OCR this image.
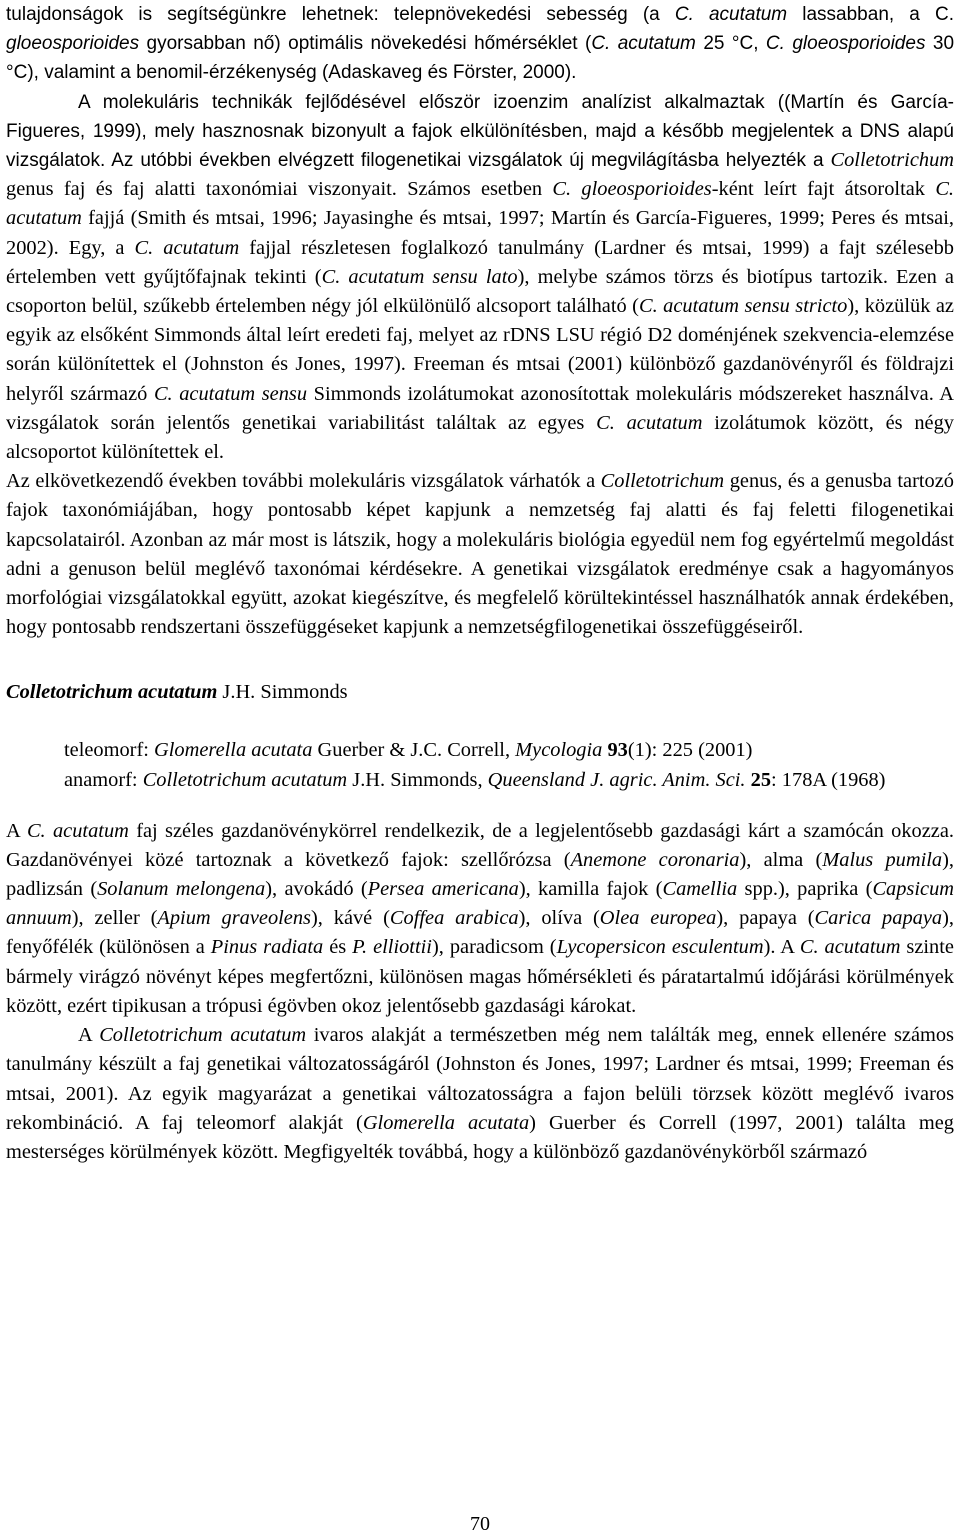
tulajdonságok is segítségünkre lehetnek: telepnövekedési sebesség (a C. acutatum lassabban, a C. gloeosporioides gyorsabban nő) optimális növekedési hőmérséklet (C. acutatum 25 °C, C. gloeosporioides 30 °C), valamint a benomil-érzékenység (Adaskaveg és Förster, 2000).

A molekuláris technikák fejlődésével először izoenzim analízist alkalmaztak ((Martín és García-Figueres, 1999), mely hasznosnak bizonyult a fajok elkülönítésben, majd a később megjelentek a DNS alapú vizsgálatok. Az utóbbi években elvégzett filogenetikai vizsgálatok új megvilágításba helyezték a Colletotrichum genus faj és faj alatti taxonómiai viszonyait. Számos esetben C. gloeosporioides-ként leírt fajt átsoroltak C. acutatum fajjá (Smith és mtsai, 1996; Jayasinghe és mtsai, 1997; Martín és García-Figueres, 1999; Peres és mtsai, 2002). Egy, a C. acutatum fajjal részletesen foglalkozó tanulmány (Lardner és mtsai, 1999) a fajt szélesebb értelemben vett gyűjtőfajnak tekinti (C. acutatum sensu lato), melybe számos törzs és biotípus tartozik. Ezen a csoporton belül, szűkebb értelemben négy jól elkülönülő alcsoport található (C. acutatum sensu stricto), közülük az egyik az elsőként Simmonds által leírt eredeti faj, melyet az rDNS LSU régió D2 doménjének szekvencia-elemzése során különítettek el (Johnston és Jones, 1997). Freeman és mtsai (2001) különböző gazdanövényről és földrajzi helyről származó C. acutatum sensu Simmonds izolátumokat azonosítottak molekuláris módszereket használva. A vizsgálatok során jelentős genetikai variabilitást találtak az egyes C. acutatum izolátumok között, és négy alcsoportot különítettek el.

Az elkövetkezendő években további molekuláris vizsgálatok várhatók a Colletotrichum genus, és a genusba tartozó fajok taxonómiájában, hogy pontosabb képet kapjunk a nemzetség faj alatti és faj feletti filogenetikai kapcsolatairól. Azonban az már most is látszik, hogy a molekuláris biológia egyedül nem fog egyértelmű megoldást adni a genuson belül meglévő taxonómai kérdésekre. A genetikai vizsgálatok eredménye csak a hagyományos morfológiai vizsgálatokkal együtt, azokat kiegészítve, és megfelelő körültekintéssel használhatók annak érdekében, hogy pontosabb rendszertani összefüggéseket kapjunk a nemzetségfilogenetikai összefüggéseiről.

Colletotrichum acutatum J.H. Simmonds

teleomorf: Glomerella acutata Guerber & J.C. Correll, Mycologia 93(1): 225 (2001)

anamorf: Colletotrichum acutatum J.H. Simmonds, Queensland J. agric. Anim. Sci. 25: 178A (1968)

A C. acutatum faj széles gazdanövénykörrel rendelkezik, de a legjelentősebb gazdasági kárt a szamócán okozza. Gazdanövényei közé tartoznak a következő fajok: szellőrózsa (Anemone coronaria), alma (Malus pumila), padlizsán (Solanum melongena), avokádó (Persea americana), kamilla fajok (Camellia spp.), paprika (Capsicum annuum), zeller (Apium graveolens), kávé (Coffea arabica), olíva (Olea europea), papaya (Carica papaya), fenyőfélék (különösen a Pinus radiata és P. elliottii), paradicsom (Lycopersicon esculentum). A C. acutatum szinte bármely virágzó növényt képes megfertőzni, különösen magas hőmérsékleti és páratartalmú időjárási körülmények között, ezért tipikusan a trópusi égövben okoz jelentősebb gazdasági károkat.

A Colletotrichum acutatum ivaros alakját a természetben még nem találták meg, ennek ellenére számos tanulmány készült a faj genetikai változatosságáról (Johnston és Jones, 1997; Lardner és mtsai, 1999; Freeman és mtsai, 2001). Az egyik magyarázat a genetikai változatosságra a fajon belüli törzsek között meglévő ivaros rekombináció. A faj teleomorf alakját (Glomerella acutata) Guerber és Correll (1997, 2001) találta meg mesterséges körülmények között. Megfigyelték továbbá, hogy a különböző gazdanövénykörből származó

70
